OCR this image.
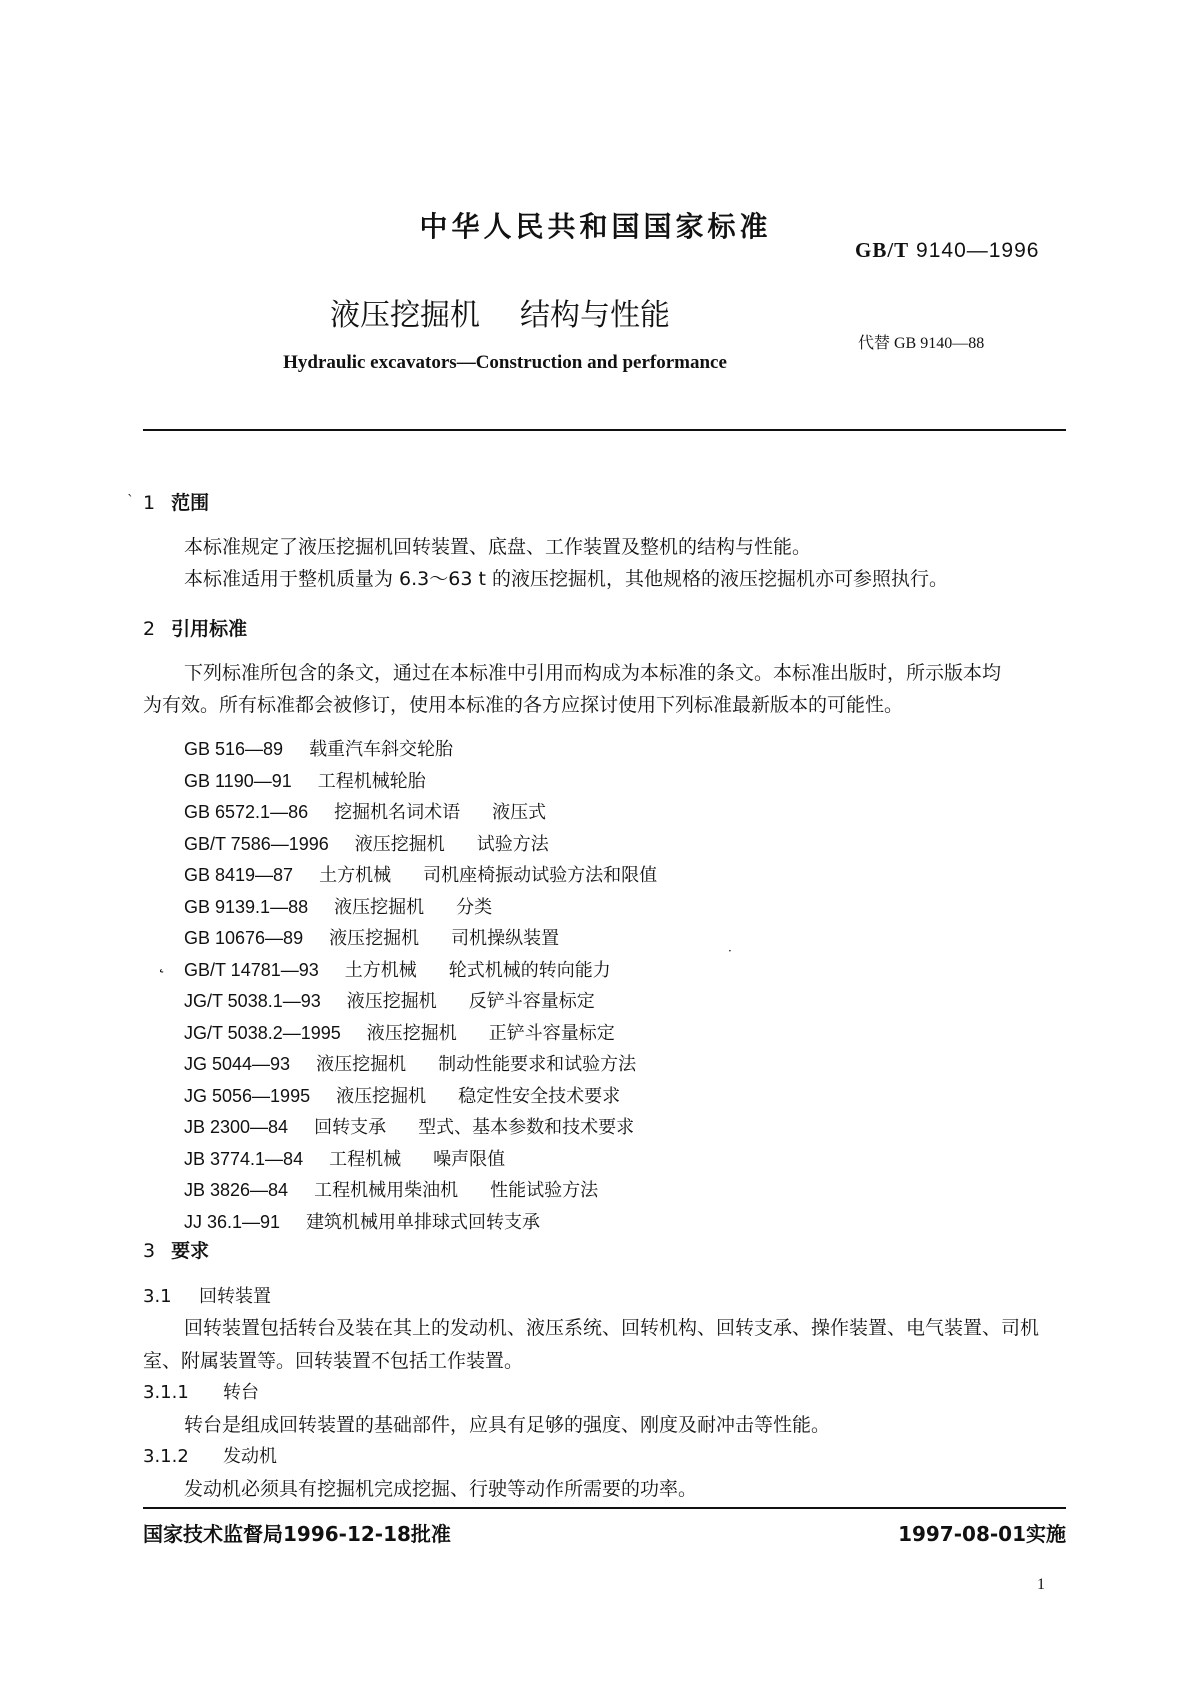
中华人民共和国国家标准
GB/T 9140—1996
液压挖掘机 结构与性能
代替 GB 9140—88
Hydraulic excavators—Construction and performance
` 1 范围
本标准规定了液压挖掘机回转装置、底盘、工作装置及整机的结构与性能。
本标准适用于整机质量为 6.3～63 t 的液压挖掘机，其他规格的液压挖掘机亦可参照执行。
2 引用标准
下列标准所包含的条文，通过在本标准中引用而构成为本标准的条文。本标准出版时，所示版本均
为有效。所有标准都会被修订，使用本标准的各方应探讨使用下列标准最新版本的可能性。
GB 516—89 载重汽车斜交轮胎
GB 1190—91 工程机械轮胎
GB 6572.1—86 挖掘机名词术语 液压式
GB/T 7586—1996 液压挖掘机 试验方法
GB 8419—87 土方机械 司机座椅振动试验方法和限值
GB 9139.1—88 液压挖掘机 分类
GB 10676—89 液压挖掘机 司机操纵装置
GB/T 14781—93 土方机械 轮式机械的转向能力
JG/T 5038.1—93 液压挖掘机 反铲斗容量标定
JG/T 5038.2—1995 液压挖掘机 正铲斗容量标定
JG 5044—93 液压挖掘机 制动性能要求和试验方法
JG 5056—1995 液压挖掘机 稳定性安全技术要求
JB 2300—84 回转支承 型式、基本参数和技术要求
JB 3774.1—84 工程机械 噪声限值
JB 3826—84 工程机械用柴油机 性能试验方法
JJ 36.1—91 建筑机械用单排球式回转支承
˛
·
3 要求
3.1 回转装置
回转装置包括转台及装在其上的发动机、液压系统、回转机构、回转支承、操作装置、电气装置、司机
室、附属装置等。回转装置不包括工作装置。
3.1.1 转台
转台是组成回转装置的基础部件，应具有足够的强度、刚度及耐冲击等性能。
3.1.2 发动机
发动机必须具有挖掘机完成挖掘、行驶等动作所需要的功率。
国家技术监督局1996-12-18批准	1997-08-01实施
1
